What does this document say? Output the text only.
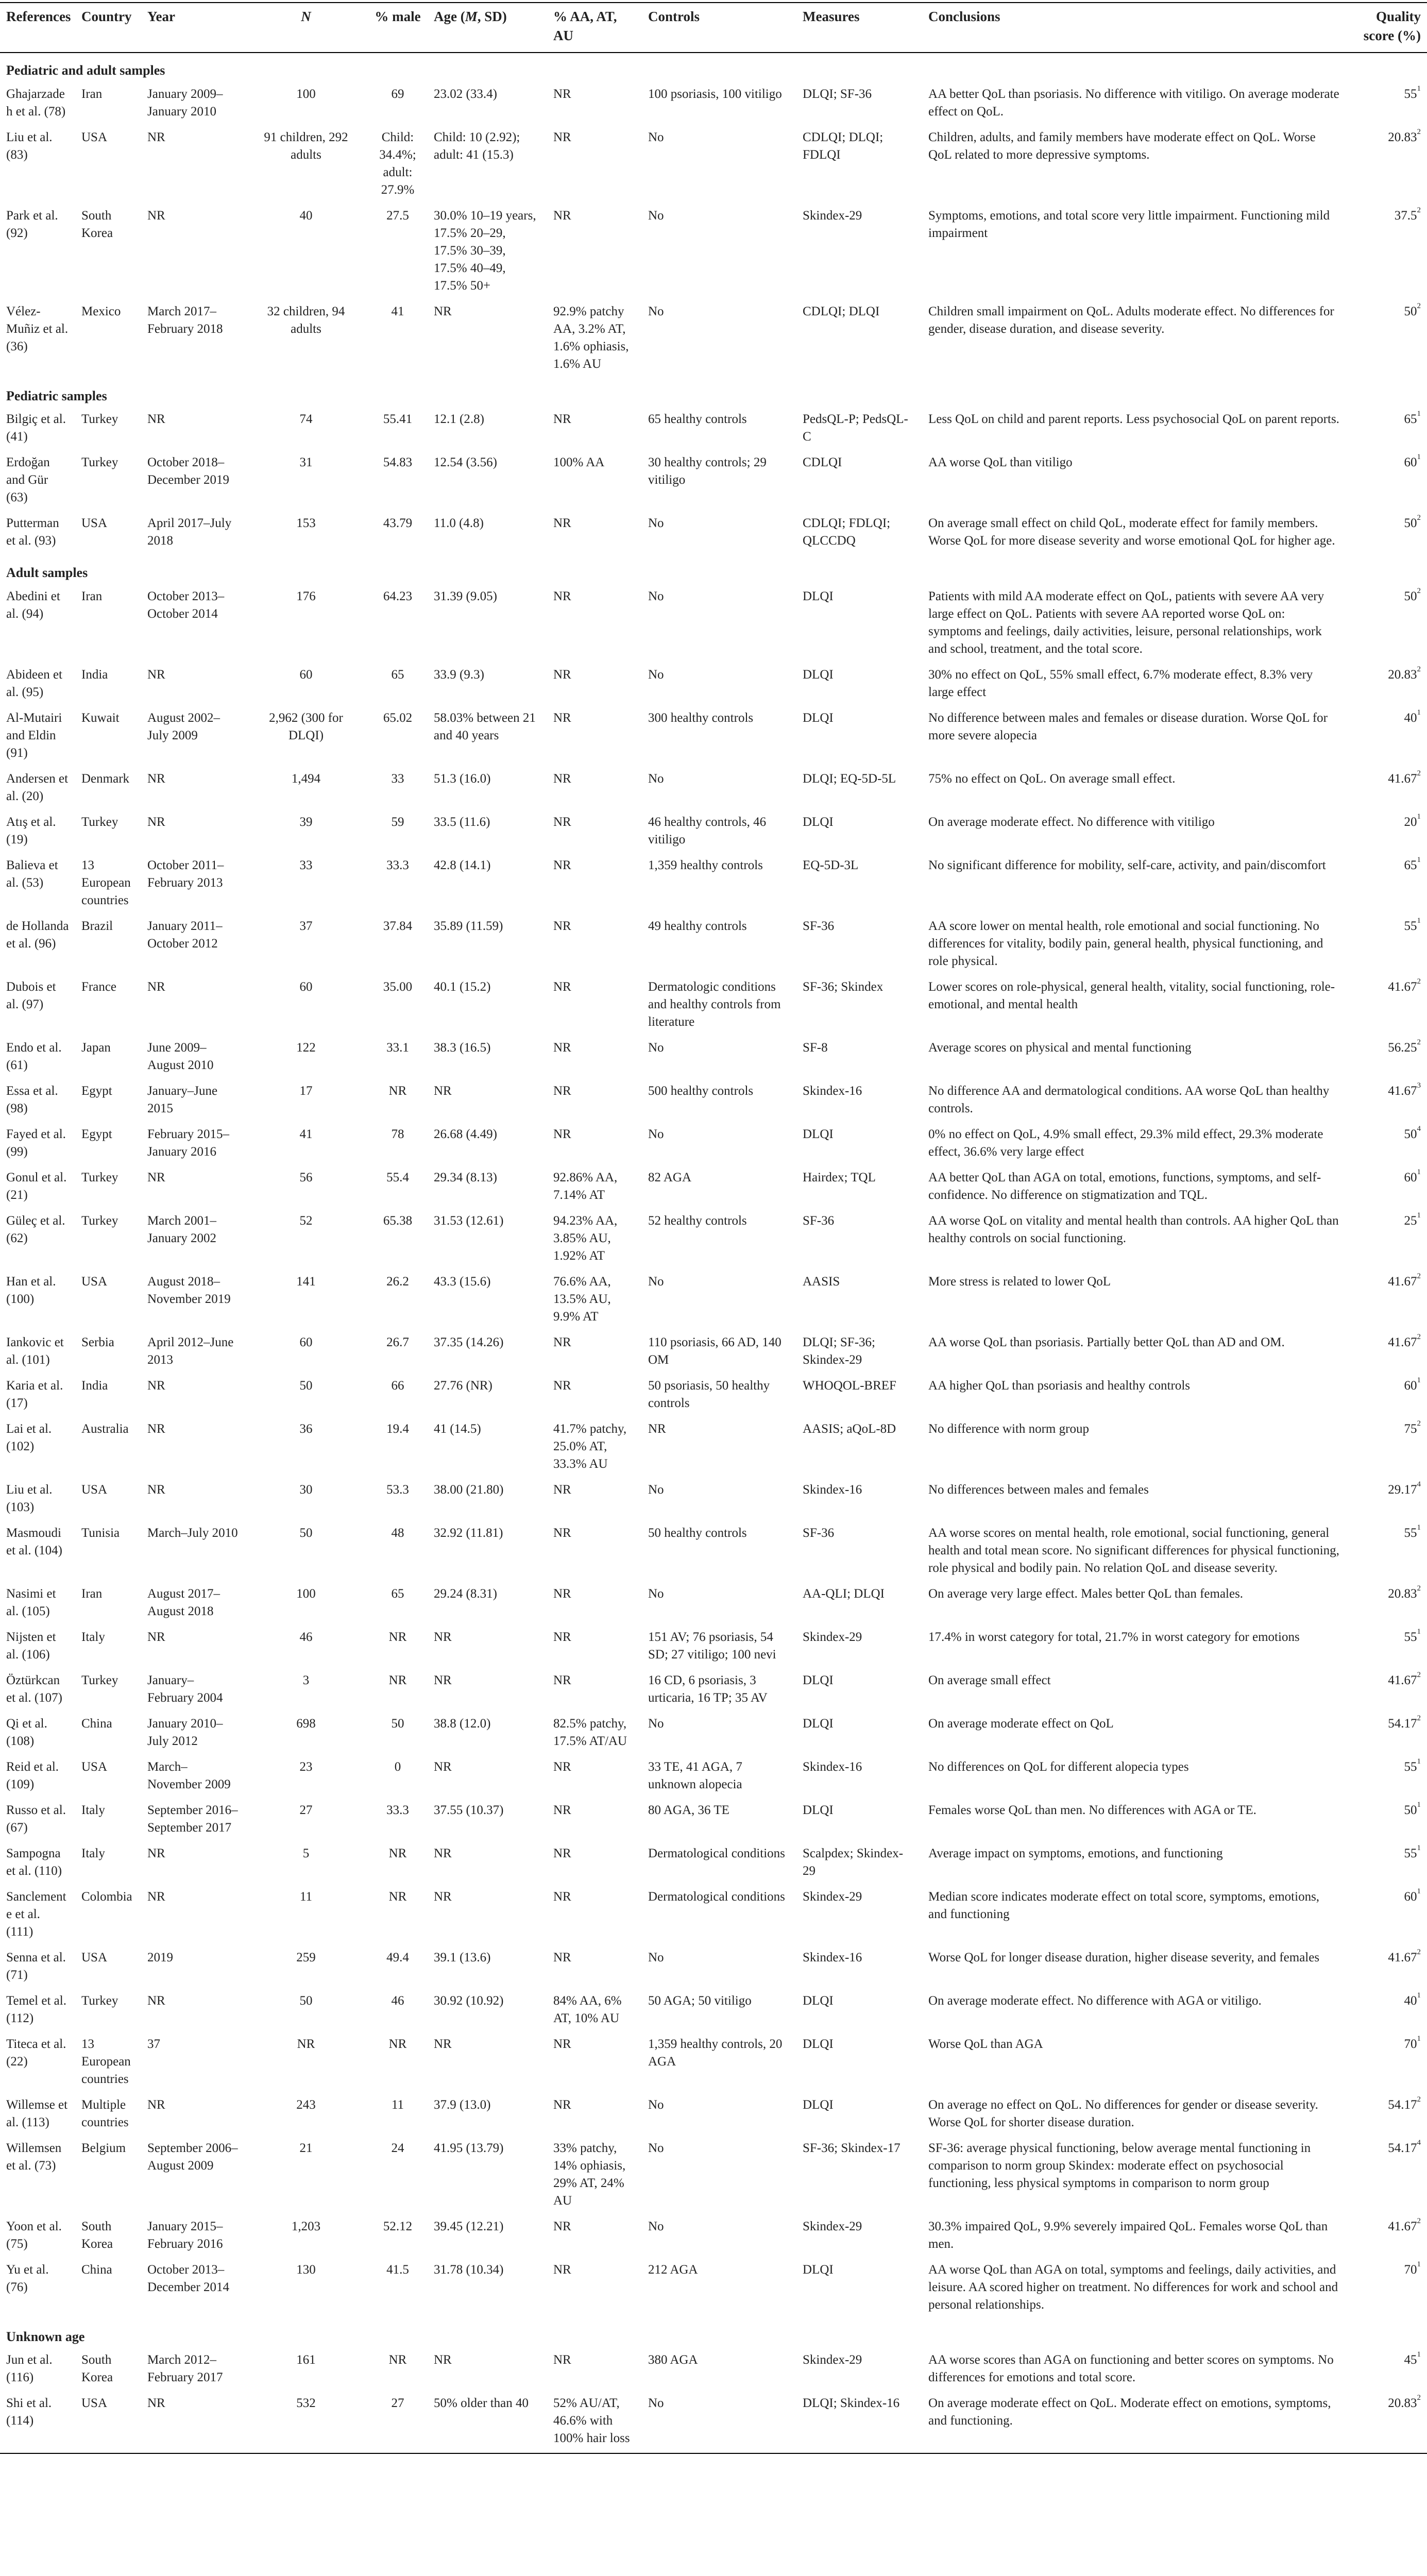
References	Country	Year	N	% male	Age (M, SD)	% AA, AT, AU	Controls	Measures	Conclusions	Quality score (%)
Pediatric and adult samples										
Ghajarzadeh et al. (78)	Iran	January 2009–January 2010	100	69	23.02 (33.4)	NR	100 psoriasis, 100 vitiligo	DLQI; SF-36	AA better QoL than psoriasis. No difference with vitiligo. On average moderate effect on QoL.	$55^1$
Liu et al. (83)	USA	NR	91 children, 292 adults	Child: 34.4%; adult: 27.9%	Child: 10 (2.92); adult: 41 (15.3)	NR	No	CDLQI; DLQI; FDLQI	Children, adults, and family members have moderate effect on QoL. Worse QoL related to more depressive symptoms.	20.83$^2$
Park et al. (92)	South Korea	NR	40	27.5	30.0% 10–19 years, 17.5% 20–29, 17.5% 30–39, 17.5% 40–49, 17.5% 50+	NR	No	Skindex-29	Symptoms, emotions, and total score very little impairment. Functioning mild impairment	37.5$^2$
Vélez-Muñiz et al. (36)	Mexico	March 2017–February 2018	32 children, 94 adults	41	NR	92.9% patchy AA, 3.2% AT, 1.6% ophiasis, 1.6% AU	No	CDLQI; DLQI	Children small impairment on QoL. Adults moderate effect. No differences for gender, disease duration, and disease severity.	$50^2$
Pediatric samples										
Bilgiç et al. (41)	Turkey	NR	74	55.41	12.1 (2.8)	NR	65 healthy controls	PedsQL-P; PedsQL-C	Less QoL on child and parent reports. Less psychosocial QoL on parent reports.	$65^1$
Erdoğan and Gür (63)	Turkey	October 2018–December 2019	31	54.83	12.54 (3.56)	100% AA	30 healthy controls; 29 vitiligo	CDLQI	AA worse QoL than vitiligo	$60^1$
Putterman et al. (93)	USA	April 2017–July 2018	153	43.79	11.0 (4.8)	NR	No	CDLQI; FDLQI; QLCCDQ	On average small effect on child QoL, moderate effect for family members. Worse QoL for more disease severity and worse emotional QoL for higher age.	$50^2$
Adult samples										
Abedini et al. (94)	Iran	October 2013–October 2014	176	64.23	31.39 (9.05)	NR	No	DLQI	Patients with mild AA moderate effect on QoL, patients with severe AA very large effect on QoL. Patients with severe AA reported worse QoL on: symptoms and feelings, daily activities, leisure, personal relationships, work and school, treatment, and the total score.	$50^2$
Abideen et al. (95)	India	NR	60	65	33.9 (9.3)	NR	No	DLQI	30% no effect on QoL, 55% small effect, 6.7% moderate effect, 8.3% very large effect	20.83$^2$
Al-Mutairi and Eldin (91)	Kuwait	August 2002–July 2009	2,962 (300 for DLQI)	65.02	58.03% between 21 and 40 years	NR	300 healthy controls	DLQI	No difference between males and females or disease duration. Worse QoL for more severe alopecia	$40^1$
Andersen et al. (20)	Denmark	NR	1,494	33	51.3 (16.0)	NR	No	DLQI; EQ-5D-5L	75% no effect on QoL. On average small effect.	41.67$^2$
Atış et al. (19)	Turkey	NR	39	59	33.5 (11.6)	NR	46 healthy controls, 46 vitiligo	DLQI	On average moderate effect. No difference with vitiligo	$20^1$
Balieva et al. (53)	13 European countries	October 2011–February 2013	33	33.3	42.8 (14.1)	NR	1,359 healthy controls	EQ-5D-3L	No significant difference for mobility, self-care, activity, and pain/discomfort	$65^1$
de Hollanda et al. (96)	Brazil	January 2011–October 2012	37	37.84	35.89 (11.59)	NR	49 healthy controls	SF-36	AA score lower on mental health, role emotional and social functioning. No differences for vitality, bodily pain, general health, physical functioning, and role physical.	$55^1$
Dubois et al. (97)	France	NR	60	35.00	40.1 (15.2)	NR	Dermatologic conditions and healthy controls from literature	SF-36; Skindex	Lower scores on role-physical, general health, vitality, social functioning, role-emotional, and mental health	41.67$^2$
Endo et al. (61)	Japan	June 2009–August 2010	122	33.1	38.3 (16.5)	NR	No	SF-8	Average scores on physical and mental functioning	56.25$^2$
Essa et al. (98)	Egypt	January–June 2015	17	NR	NR	NR	500 healthy controls	Skindex-16	No difference AA and dermatological conditions. AA worse QoL than healthy controls.	41.67$^3$
Fayed et al. (99)	Egypt	February 2015–January 2016	41	78	26.68 (4.49)	NR	No	DLQI	0% no effect on QoL, 4.9% small effect, 29.3% mild effect, 29.3% moderate effect, 36.6% very large effect	$50^4$
Gonul et al. (21)	Turkey	NR	56	55.4	29.34 (8.13)	92.86% AA, 7.14% AT	82 AGA	Hairdex; TQL	AA better QoL than AGA on total, emotions, functions, symptoms, and self-confidence. No difference on stigmatization and TQL.	$60^1$
Güleç et al. (62)	Turkey	March 2001–January 2002	52	65.38	31.53 (12.61)	94.23% AA, 3.85% AU, 1.92% AT	52 healthy controls	SF-36	AA worse QoL on vitality and mental health than controls. AA higher QoL than healthy controls on social functioning.	$25^1$
Han et al. (100)	USA	August 2018–November 2019	141	26.2	43.3 (15.6)	76.6% AA, 13.5% AU, 9.9% AT	No	AASIS	More stress is related to lower QoL	41.67$^2$
Iankovic et al. (101)	Serbia	April 2012–June 2013	60	26.7	37.35 (14.26)	NR	110 psoriasis, 66 AD, 140 OM	DLQI; SF-36; Skindex-29	AA worse QoL than psoriasis. Partially better QoL than AD and OM.	41.67$^2$
Karia et al. (17)	India	NR	50	66	27.76 (NR)	NR	50 psoriasis, 50 healthy controls	WHOQOL-BREF	AA higher QoL than psoriasis and healthy controls	$60^1$
Lai et al. (102)	Australia	NR	36	19.4	41 (14.5)	41.7% patchy, 25.0% AT, 33.3% AU	NR	AASIS; aQoL-8D	No difference with norm group	$75^2$
Liu et al. (103)	USA	NR	30	53.3	38.00 (21.80)	NR	No	Skindex-16	No differences between males and females	29.17$^4$
Masmoudi et al. (104)	Tunisia	March–July 2010	50	48	32.92 (11.81)	NR	50 healthy controls	SF-36	AA worse scores on mental health, role emotional, social functioning, general health and total mean score. No significant differences for physical functioning, role physical and bodily pain. No relation QoL and disease severity.	$55^1$
Nasimi et al. (105)	Iran	August 2017–August 2018	100	65	29.24 (8.31)	NR	No	AA-QLI; DLQI	On average very large effect. Males better QoL than females.	20.83$^2$
Nijsten et al. (106)	Italy	NR	46	NR	NR	NR	151 AV; 76 psoriasis, 54 SD; 27 vitiligo; 100 nevi	Skindex-29	17.4% in worst category for total, 21.7% in worst category for emotions	$55^1$
Öztürkcan et al. (107)	Turkey	January–February 2004	3	NR	NR	NR	16 CD, 6 psoriasis, 3 urticaria, 16 TP; 35 AV	DLQI	On average small effect	41.67$^2$
Qi et al. (108)	China	January 2010–July 2012	698	50	38.8 (12.0)	82.5% patchy, 17.5% AT/AU	No	DLQI	On average moderate effect on QoL	54.17$^2$
Reid et al. (109)	USA	March–November 2009	23	0	NR	NR	33 TE, 41 AGA, 7 unknown alopecia	Skindex-16	No differences on QoL for different alopecia types	$55^1$
Russo et al. (67)	Italy	September 2016–September 2017	27	33.3	37.55 (10.37)	NR	80 AGA, 36 TE	DLQI	Females worse QoL than men. No differences with AGA or TE.	$50^1$
Sampogna et al. (110)	Italy	NR	5	NR	NR	NR	Dermatological conditions	Scalpdex; Skindex-29	Average impact on symptoms, emotions, and functioning	$55^1$
Sanclemente et al. (111)	Colombia	NR	11	NR	NR	NR	Dermatological conditions	Skindex-29	Median score indicates moderate effect on total score, symptoms, emotions, and functioning	$60^1$
Senna et al. (71)	USA	2019	259	49.4	39.1 (13.6)	NR	No	Skindex-16	Worse QoL for longer disease duration, higher disease severity, and females	41.67$^2$
Temel et al. (112)	Turkey	NR	50	46	30.92 (10.92)	84% AA, 6% AT, 10% AU	50 AGA; 50 vitiligo	DLQI	On average moderate effect. No difference with AGA or vitiligo.	$40^1$
Titeca et al. (22)	13 European countries	37	NR	NR	NR	NR	1,359 healthy controls, 20 AGA	DLQI	Worse QoL than AGA	$70^1$
Willemse et al. (113)	Multiple countries	NR	243	11	37.9 (13.0)	NR	No	DLQI	On average no effect on QoL. No differences for gender or disease severity. Worse QoL for shorter disease duration.	54.17$^2$
Willemsen et al. (73)	Belgium	September 2006–August 2009	21	24	41.95 (13.79)	33% patchy, 14% ophiasis, 29% AT, 24% AU	No	SF-36; Skindex-17	SF-36: average physical functioning, below average mental functioning in comparison to norm group Skindex: moderate effect on psychosocial functioning, less physical symptoms in comparison to norm group	54.17$^4$
Yoon et al. (75)	South Korea	January 2015–February 2016	1,203	52.12	39.45 (12.21)	NR	No	Skindex-29	30.3% impaired QoL, 9.9% severely impaired QoL. Females worse QoL than men.	41.67$^2$
Yu et al. (76)	China	October 2013–December 2014	130	41.5	31.78 (10.34)	NR	212 AGA	DLQI	AA worse QoL than AGA on total, symptoms and feelings, daily activities, and leisure. AA scored higher on treatment. No differences for work and school and personal relationships.	$70^1$
Unknown age										
Jun et al. (116)	South Korea	March 2012–February 2017	161	NR	NR	NR	380 AGA	Skindex-29	AA worse scores than AGA on functioning and better scores on symptoms. No differences for emotions and total score.	$45^1$
Shi et al. (114)	USA	NR	532	27	50% older than 40	52% AU/AT, 46.6% with 100% hair loss	No	DLQI; Skindex-16	On average moderate effect on QoL. Moderate effect on emotions, symptoms, and functioning.	20.83$^2$
